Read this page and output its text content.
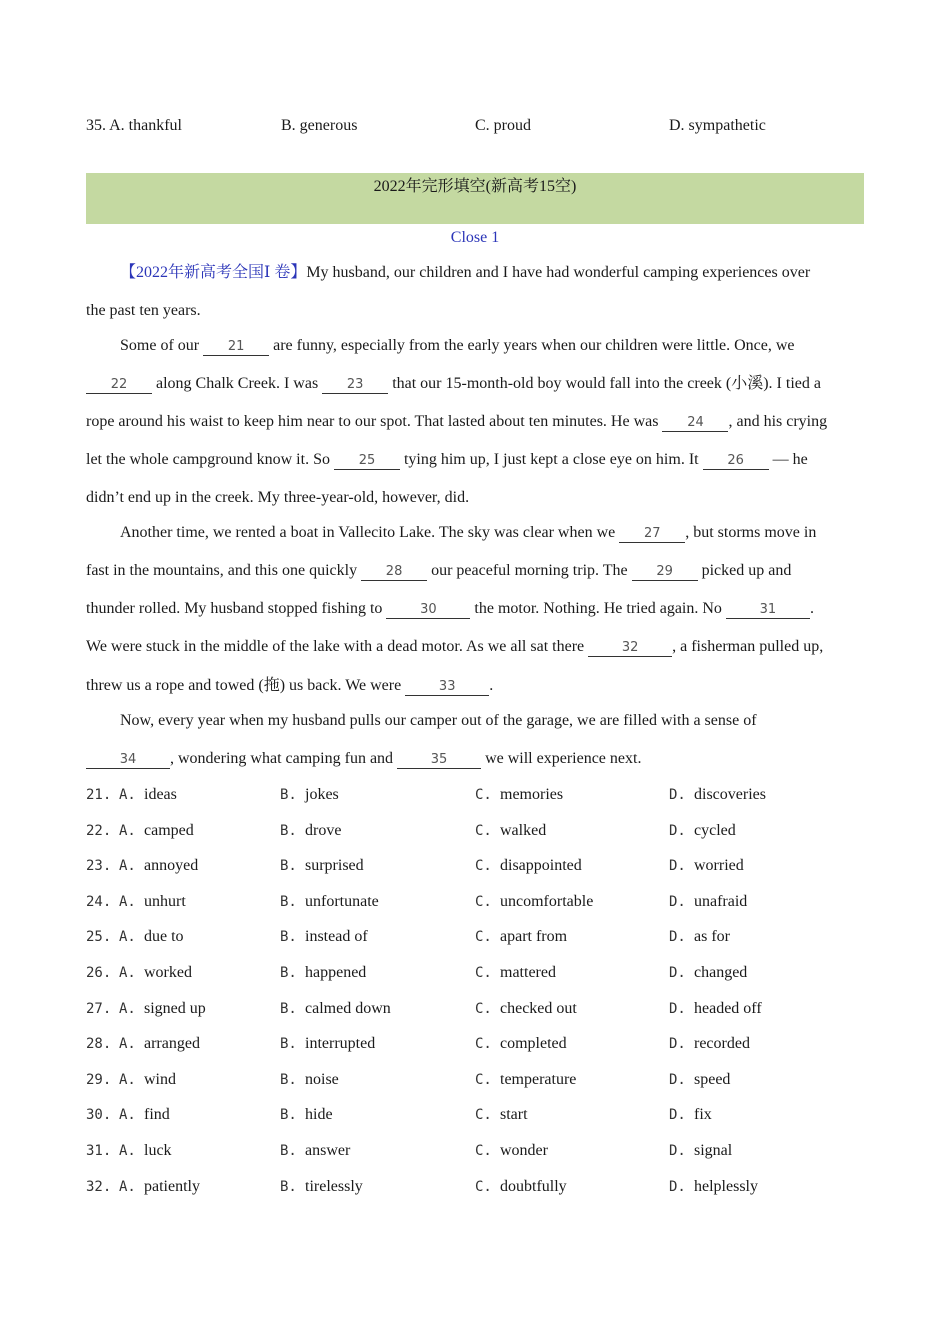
35. A. thankful	B. generous	C. proud	D. sympathetic
2022年完形填空(新高考15空)
Close 1
【2022年新高考全国Ⅰ 卷】My husband, our children and I have had wonderful camping experiences over
the past ten years.
Some of our 21 are funny, especially from the early years when our children were little. Once, we
22 along Chalk Creek. I was 23 that our 15-month-old boy would fall into the creek (小溪). I tied a
rope around his waist to keep him near to our spot. That lasted about ten minutes. He was 24 , and his crying
let the whole campground know it. So 25 tying him up, I just kept a close eye on him. It 26 — he
didn’t end up in the creek. My three-year-old, however, did.
Another time, we rented a boat in Vallecito Lake. The sky was clear when we 27 , but storms move in
fast in the mountains, and this one quickly 28 our peaceful morning trip. The 29 picked up and
thunder rolled. My husband stopped fishing to	30 the motor. Nothing. He tried again. No	31 .
We were stuck in the middle of the lake with a dead motor. As we all sat there	32 , a fisherman pulled up,
threw us a rope and towed (拖) us back. We were	33 .
Now, every year when my husband pulls our camper out of the garage, we are filled with a sense of
34 , wondering what camping fun and	35 we will experience next.
21. A. ideas	B. jokes	C. memories	D. discoveries
22. A. camped	B. drove	C. walked	D. cycled
23. A. annoyed	B. surprised	C. disappointed	D. worried
24. A. unhurt	B. unfortunate	C. uncomfortable	D. unafraid
25. A. due to	B. instead of	C. apart from	D. as for
26. A. worked	B. happened	C. mattered	D. changed
27. A. signed up	B. calmed down	C. checked out	D. headed off
28. A. arranged	B. interrupted	C. completed	D. recorded
29. A. wind	B. noise	C. temperature	D. speed
30. A. find	B. hide	C. start	D. fix
31. A. luck	B. answer	C. wonder	D. signal
32. A. patiently	B. tirelessly	C. doubtfully	D. helplessly
